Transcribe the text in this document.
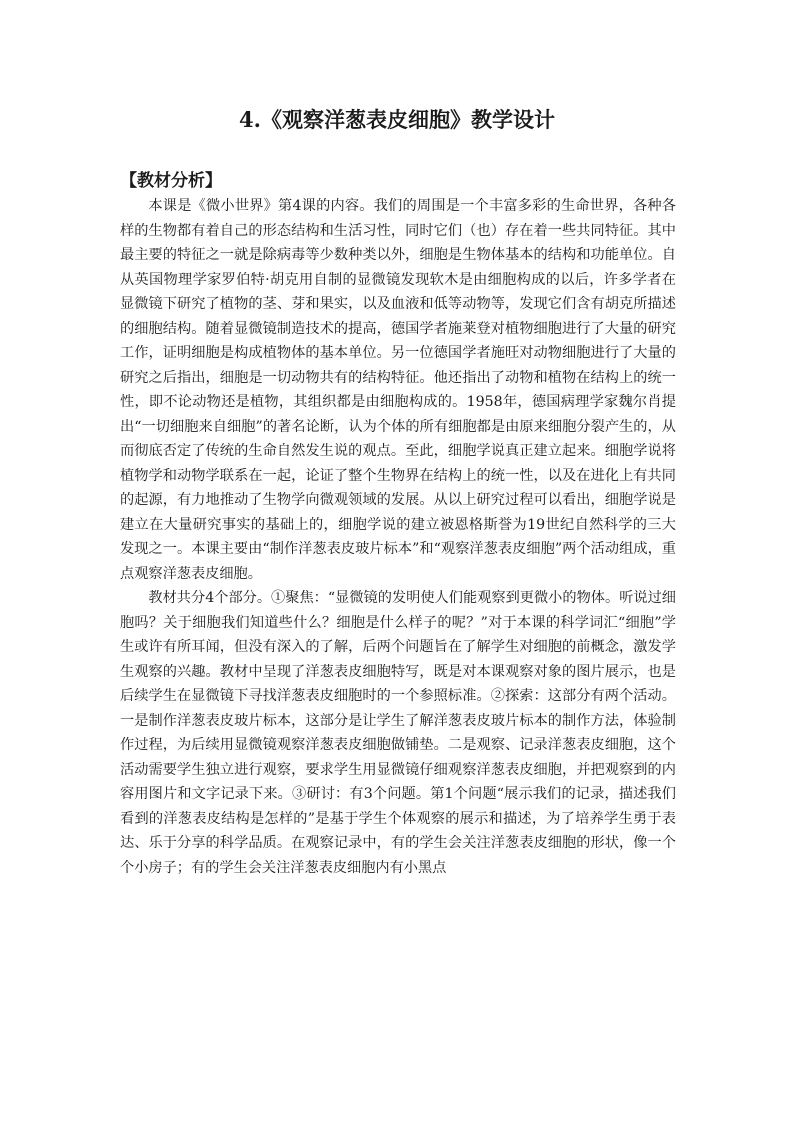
4.《观察洋葱表皮细胞》教学设计
【教材分析】

本课是《微小世界》第4课的内容。我们的周围是一个丰富多彩的生命世界，各种各样的生物都有着自己的形态结构和生活习性，同时它们（也）存在着一些共同特征。其中最主要的特征之一就是除病毒等少数种类以外，细胞是生物体基本的结构和功能单位。自从英国物理学家罗伯特·胡克用自制的显微镜发现软木是由细胞构成的以后，许多学者在显微镜下研究了植物的茎、芽和果实，以及血液和低等动物等，发现它们含有胡克所描述的细胞结构。随着显微镜制造技术的提高，德国学者施莱登对植物细胞进行了大量的研究工作，证明细胞是构成植物体的基本单位。另一位德国学者施旺对动物细胞进行了大量的研究之后指出，细胞是一切动物共有的结构特征。他还指出了动物和植物在结构上的统一性，即不论动物还是植物，其组织都是由细胞构成的。1958年，德国病理学家魏尔肖提出“一切细胞来自细胞”的著名论断，认为个体的所有细胞都是由原来细胞分裂产生的，从而彻底否定了传统的生命自然发生说的观点。至此，细胞学说真正建立起来。细胞学说将植物学和动物学联系在一起，论证了整个生物界在结构上的统一性，以及在进化上有共同的起源，有力地推动了生物学向微观领域的发展。从以上研究过程可以看出，细胞学说是建立在大量研究事实的基础上的，细胞学说的建立被恩格斯誉为19世纪自然科学的三大发现之一。本课主要由“制作洋葱表皮玻片标本”和“观察洋葱表皮细胞”两个活动组成，重点观察洋葱表皮细胞。

教材共分4个部分。①聚焦：“显微镜的发明使人们能观察到更微小的物体。听说过细胞吗？关于细胞我们知道些什么？细胞是什么样子的呢？”对于本课的科学词汇“细胞”学生或许有所耳闻，但没有深入的了解，后两个问题旨在了解学生对细胞的前概念，激发学生观察的兴趣。教材中呈现了洋葱表皮细胞特写，既是对本课观察对象的图片展示，也是后续学生在显微镜下寻找洋葱表皮细胞时的一个参照标准。②探索：这部分有两个活动。一是制作洋葱表皮玻片标本，这部分是让学生了解洋葱表皮玻片标本的制作方法，体验制作过程，为后续用显微镜观察洋葱表皮细胞做铺垫。二是观察、记录洋葱表皮细胞，这个活动需要学生独立进行观察，要求学生用显微镜仔细观察洋葱表皮细胞，并把观察到的内容用图片和文字记录下来。③研讨：有3个问题。第1个问题“展示我们的记录，描述我们看到的洋葱表皮结构是怎样的”是基于学生个体观察的展示和描述，为了培养学生勇于表达、乐于分享的科学品质。在观察记录中，有的学生会关注洋葱表皮细胞的形状，像一个个小房子；有的学生会关注洋葱表皮细胞内有小黑点
